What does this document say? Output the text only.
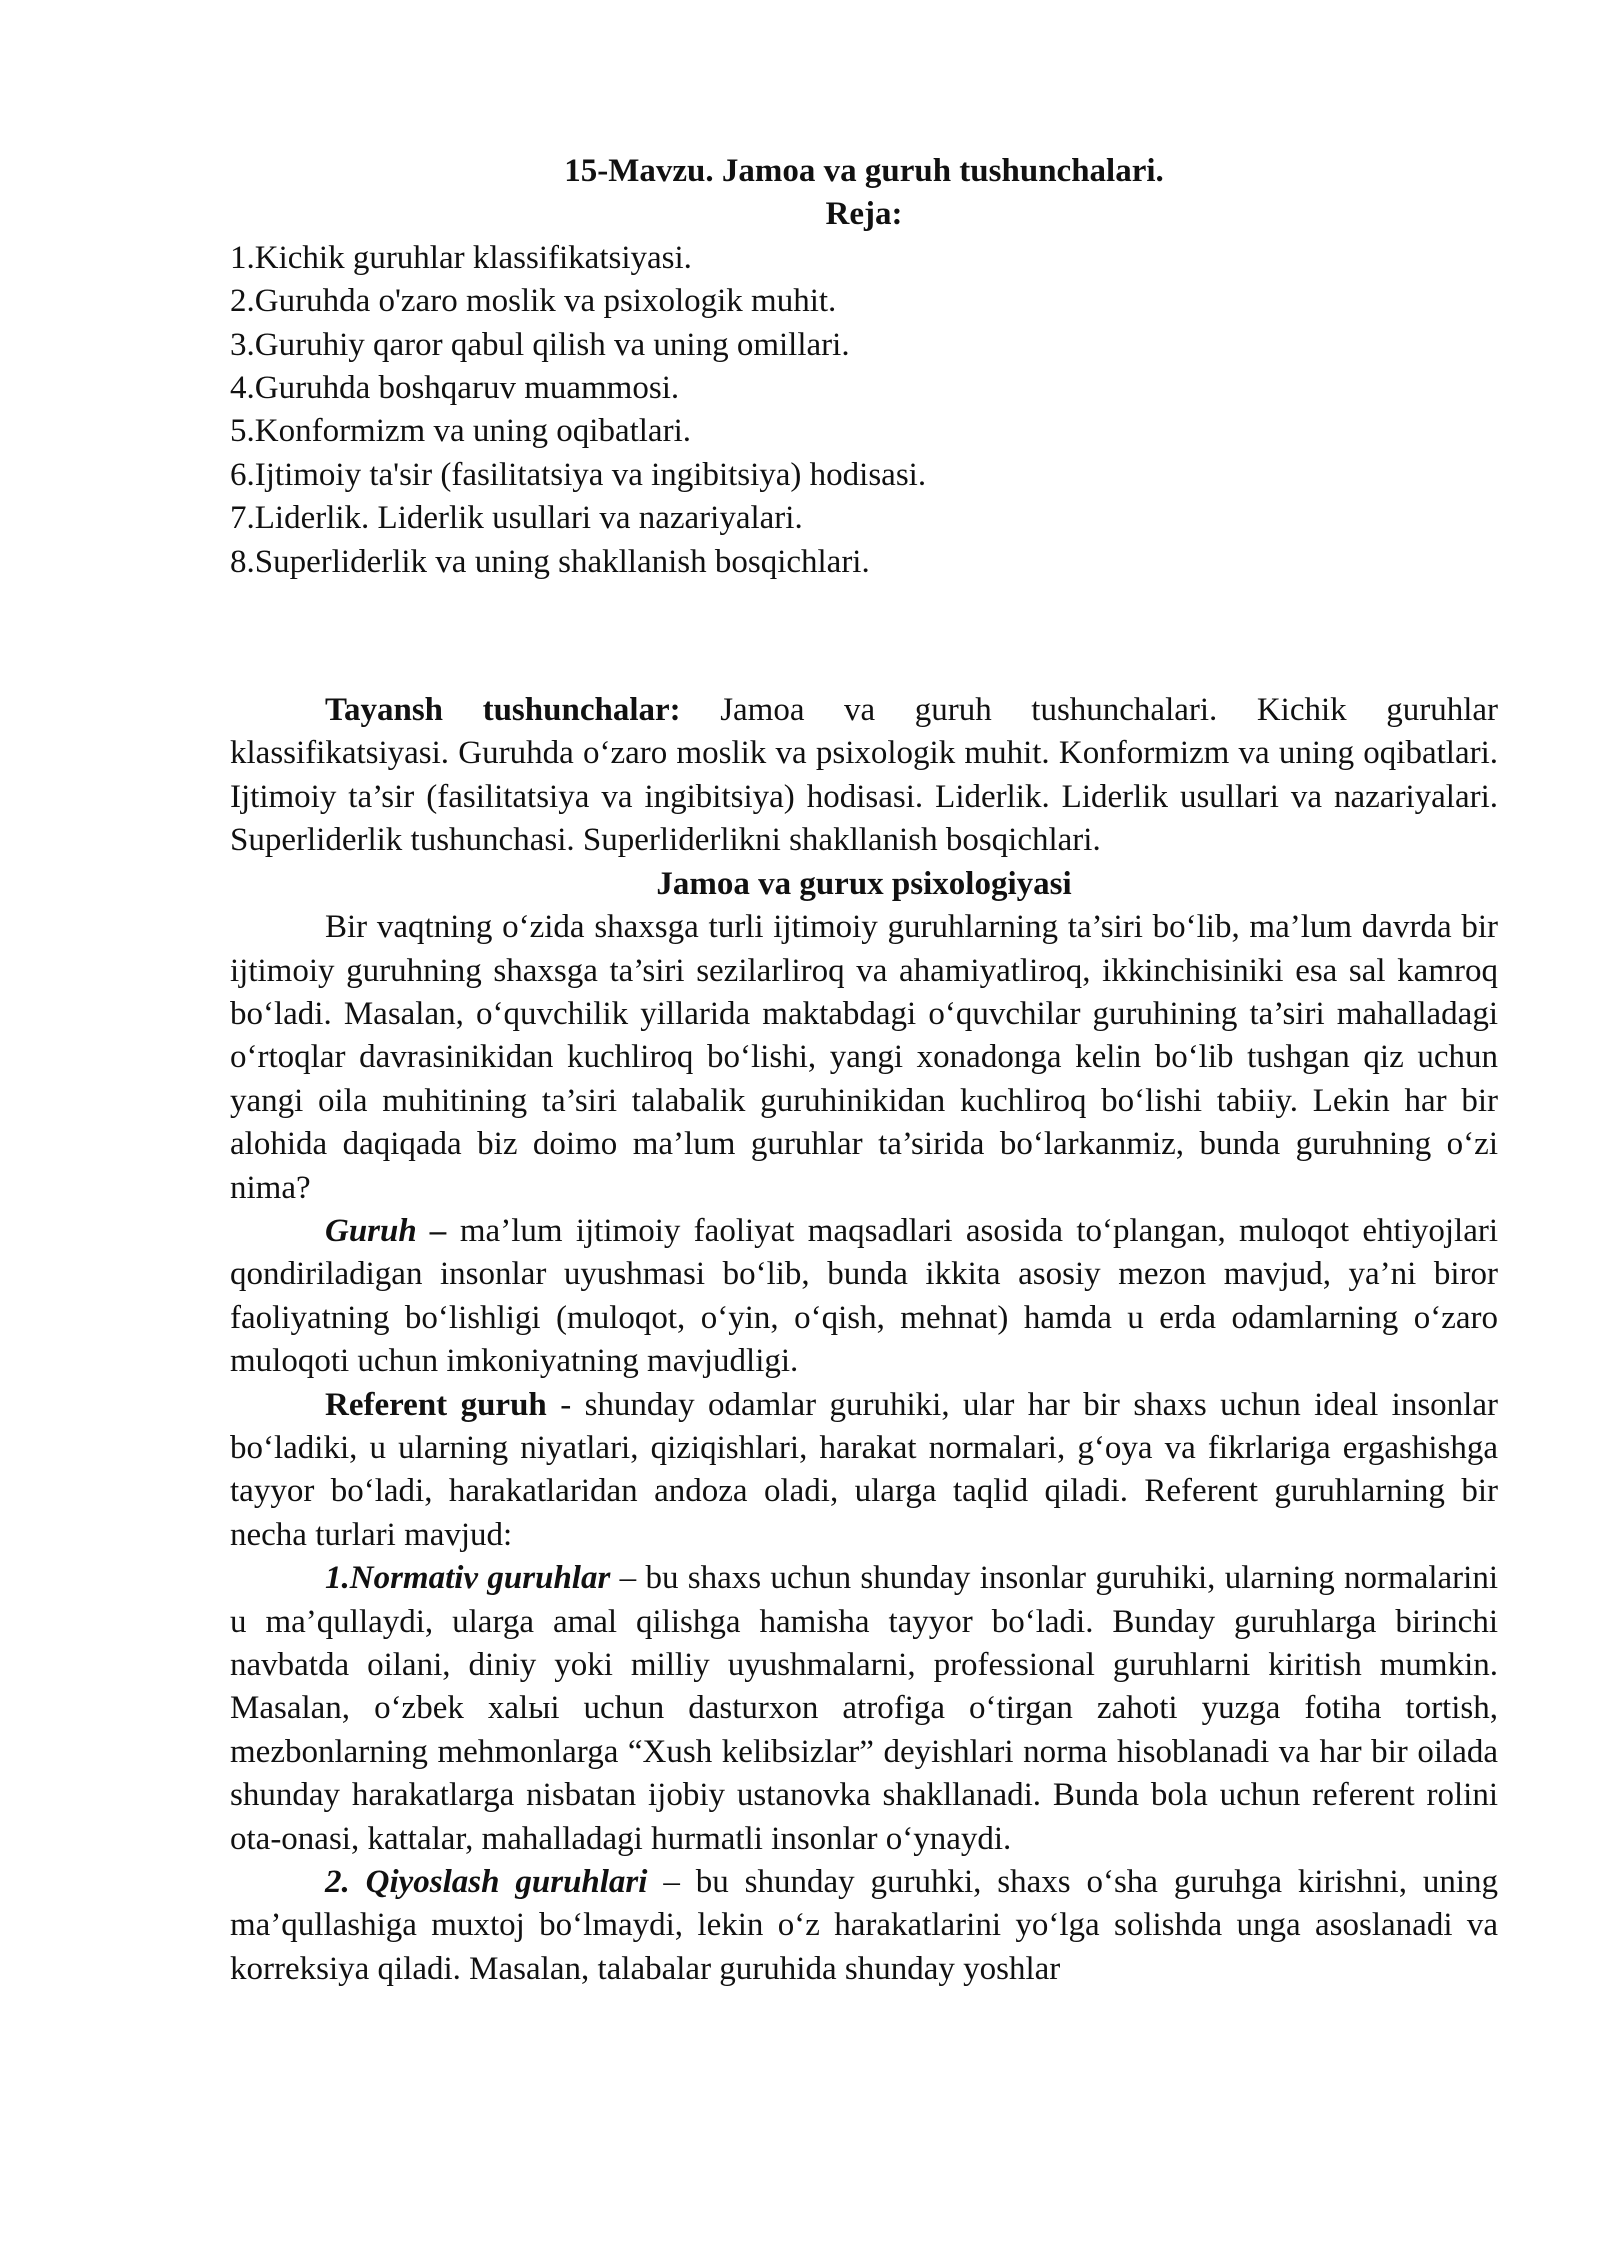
15-Mavzu. Jamoa va guruh tushunchalari.

Reja:

1.Kichik guruhlar klassifikatsiyasi.

2.Guruhda o'zaro moslik va psixologik muhit.

3.Guruhiy qaror qabul qilish va uning omillari.

4.Guruhda boshqaruv muammosi.

5.Konformizm va uning oqibatlari.

6.Ijtimoiy ta'sir (fasilitatsiya va ingibitsiya) hodisasi.

7.Liderlik. Liderlik usullari va nazariyalari.

8.Superliderlik va uning shakllanish bosqichlari.

Tayansh tushunchalar: Jamoa va guruh tushunchalari. Kichik guruhlar klassifikatsiyasi. Guruhda o‘zaro moslik va psixologik muhit. Konformizm va uning oqibatlari. Ijtimoiy ta’sir (fasilitatsiya va ingibitsiya) hodisasi. Liderlik. Liderlik usullari va nazariyalari. Superliderlik tushunchasi. Superliderlikni shakllanish bosqichlari.

Jamoa va gurux psixologiyasi

Bir vaqtning o‘zida shaxsga turli ijtimoiy guruhlarning ta’siri bo‘lib, ma’lum davrda bir ijtimoiy guruhning shaxsga ta’siri sezilarliroq va ahamiyatliroq, ikkinchisiniki esa sal kamroq bo‘ladi. Masalan, o‘quvchilik yillarida maktabdagi o‘quvchilar guruhining ta’siri mahalladagi o‘rtoqlar davrasinikidan kuchliroq bo‘lishi, yangi xonadonga kelin bo‘lib tushgan qiz uchun yangi oila muhitining ta’siri talabalik guruhinikidan kuchliroq bo‘lishi tabiiy. Lekin har bir alohida daqiqada biz doimo ma’lum guruhlar ta’sirida bo‘larkanmiz, bunda guruhning o‘zi nima?

Guruh – ma’lum ijtimoiy faoliyat maqsadlari asosida to‘plangan, muloqot ehtiyojlari qondiriladigan insonlar uyushmasi bo‘lib, bunda ikkita asosiy mezon mavjud, ya’ni biror faoliyatning bo‘lishligi (muloqot, o‘yin, o‘qish, mehnat) hamda u erda odamlarning o‘zaro muloqoti uchun imkoniyatning mavjudligi.

Referent guruh - shunday odamlar guruhiki, ular har bir shaxs uchun ideal insonlar bo‘ladiki, u ularning niyatlari, qiziqishlari, harakat normalari, g‘oya va fikrlariga ergashishga tayyor bo‘ladi, harakatlaridan andoza oladi, ularga taqlid qiladi. Referent guruhlarning bir necha turlari mavjud:

1.Normativ guruhlar – bu shaxs uchun shunday insonlar guruhiki, ularning normalarini u ma’qullaydi, ularga amal qilishga hamisha tayyor bo‘ladi. Bunday guruhlarga birinchi navbatda oilani, diniy yoki milliy uyushmalarni, professional guruhlarni kiritish mumkin. Masalan, o‘zbek xalыi uchun dasturxon atrofiga o‘tirgan zahoti yuzga fotiha tortish, mezbonlarning mehmonlarga “Xush kelibsizlar” deyishlari norma hisoblanadi va har bir oilada shunday harakatlarga nisbatan ijobiy ustanovka shakllanadi. Bunda bola uchun referent rolini ota-onasi, kattalar, mahalladagi hurmatli insonlar o‘ynaydi.

2. Qiyoslash guruhlari – bu shunday guruhki, shaxs o‘sha guruhga kirishni, uning ma’qullashiga muxtoj bo‘lmaydi, lekin o‘z harakatlarini yo‘lga solishda unga asoslanadi va korreksiya qiladi. Masalan, talabalar guruhida shunday yoshlar
